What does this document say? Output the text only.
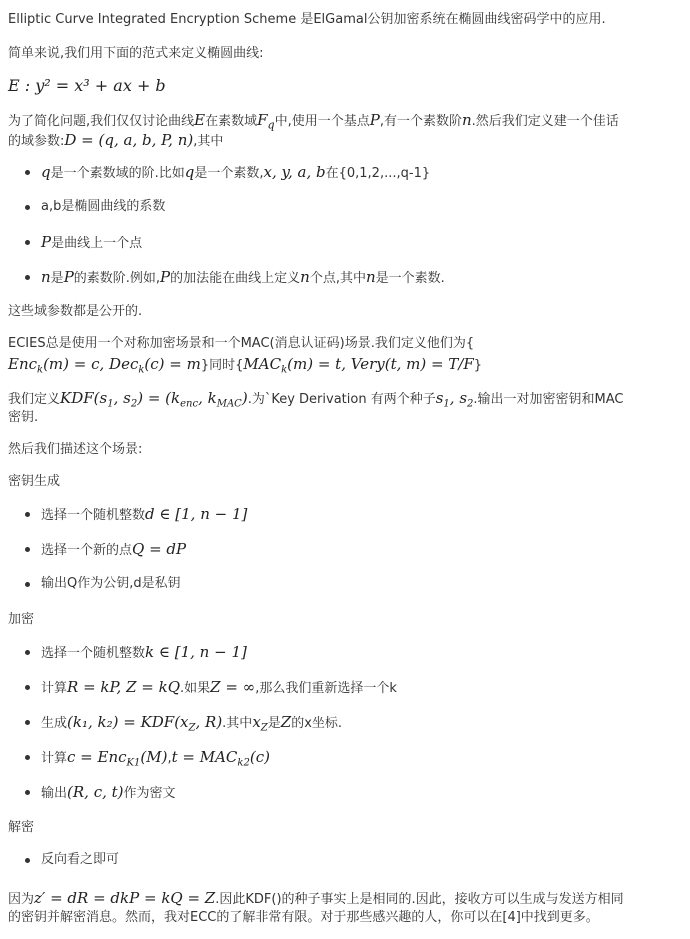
Elliptic Curve Integrated Encryption Scheme 是ElGamal公钥加密系统在椭圆曲线密码学中的应用.

简单来说,我们用下面的范式来定义椭圆曲线:

E : y² = x³ + ax + b

为了简化问题,我们仅仅讨论曲线E在素数域$F_q$中,使用一个基点P,有一个素数阶n.然后我们定义建一个佳话

的域参数:D = (q, a, b, P, n),其中

q是一个素数域的阶.比如q是一个素数,x, y, a, b在{0,1,2,...,q-1}
a,b是椭圆曲线的系数
P是曲线上一个点
n是P的素数阶.例如,P的加法能在曲线上定义n个点,其中n是一个素数.

这些域参数都是公开的.

ECIES总是使用一个对称加密场景和一个MAC(消息认证码)场景.我们定义他们为{

Enc$_k$(m) = c, Dec$_k$(c) = m}同时{$MAC_k(m) = t$, Very(t, m) = T/F}

我们定义$KDF(s_1$, $s_2) = (k_{enc}$, $k_{MAC}$).为`Key Derivation 有两个种子$s_1$, $s_2$.输出一对加密密钥和MAC

密钥.

然后我们描述这个场景:

密钥生成

选择一个随机整数d ∈ [1, n − 1]
选择一个新的点Q = dP
输出Q作为公钥,d是私钥

加密

选择一个随机整数k ∈ [1, n − 1]
计算R = kP, Z = kQ.如果Z = ∞,那么我们重新选择一个k
生成(k₁, $k_2) = KDF(x_Z$, R).其中$x_Z$是Z的x坐标.
计算$c = Enc_{K1}(M),t = MAC_{k2}(c)$
输出(R, c, t)作为密文

解密

反向看之即可

因为z′ = dR = dkP = kQ = Z.因此KDF()的种子事实上是相同的.因此，接收方可以生成与发送方相同

的密钥并解密消息。然而，我对ECC的了解非常有限。对于那些感兴趣的人，你可以在[4]中找到更多。
